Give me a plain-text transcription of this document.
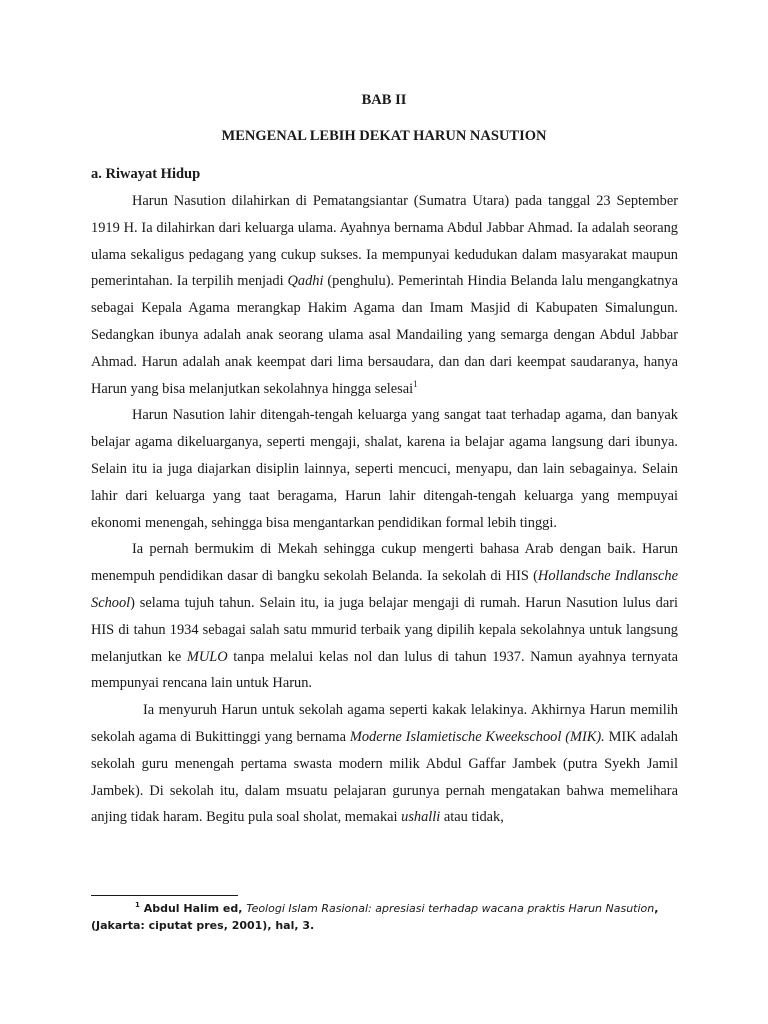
BAB II
MENGENAL LEBIH DEKAT HARUN NASUTION
a. Riwayat Hidup

Harun Nasution dilahirkan di Pematangsiantar (Sumatra Utara) pada tanggal 23 September 1919 H. Ia dilahirkan dari keluarga ulama. Ayahnya bernama Abdul Jabbar Ahmad. Ia adalah seorang ulama sekaligus pedagang yang cukup sukses. Ia mempunyai kedudukan dalam masyarakat maupun pemerintahan. Ia terpilih menjadi Qadhi (penghulu). Pemerintah Hindia Belanda lalu mengangkatnya sebagai Kepala Agama merangkap Hakim Agama dan Imam Masjid di Kabupaten Simalungun. Sedangkan ibunya adalah anak seorang ulama asal Mandailing yang semarga dengan Abdul Jabbar Ahmad. Harun adalah anak keempat dari lima bersaudara, dan dan dari keempat saudaranya, hanya Harun yang bisa melanjutkan sekolahnya hingga selesai$^1$

Harun Nasution lahir ditengah-tengah keluarga yang sangat taat terhadap agama, dan banyak belajar agama dikeluarganya, seperti mengaji, shalat, karena ia belajar agama langsung dari ibunya. Selain itu ia juga diajarkan disiplin lainnya, seperti mencuci, menyapu, dan lain sebagainya. Selain lahir dari keluarga yang taat beragama, Harun lahir ditengah-tengah keluarga yang mempuyai ekonomi menengah, sehingga bisa mengantarkan pendidikan formal lebih tinggi.

Ia pernah bermukim di Mekah sehingga cukup mengerti bahasa Arab dengan baik. Harun menempuh pendidikan dasar di bangku sekolah Belanda. Ia sekolah di HIS (Hollandsche Indlansche School) selama tujuh tahun. Selain itu, ia juga belajar mengaji di rumah. Harun Nasution lulus dari HIS di tahun 1934 sebagai salah satu mmurid terbaik yang dipilih kepala sekolahnya untuk langsung melanjutkan ke MULO tanpa melalui kelas nol dan lulus di tahun 1937. Namun ayahnya ternyata mempunyai rencana lain untuk Harun.

Ia menyuruh Harun untuk sekolah agama seperti kakak lelakinya. Akhirnya Harun memilih sekolah agama di Bukittinggi yang bernama Moderne Islamietische Kweekschool (MIK). MIK adalah sekolah guru menengah pertama swasta modern milik Abdul Gaffar Jambek (putra Syekh Jamil Jambek). Di sekolah itu, dalam msuatu pelajaran gurunya pernah mengatakan bahwa memelihara anjing tidak haram. Begitu pula soal sholat, memakai ushalli atau tidak,

$^1$ Abdul Halim ed, Teologi Islam Rasional: apresiasi terhadap wacana praktis Harun Nasution, (Jakarta: ciputat pres, 2001), hal, 3.
